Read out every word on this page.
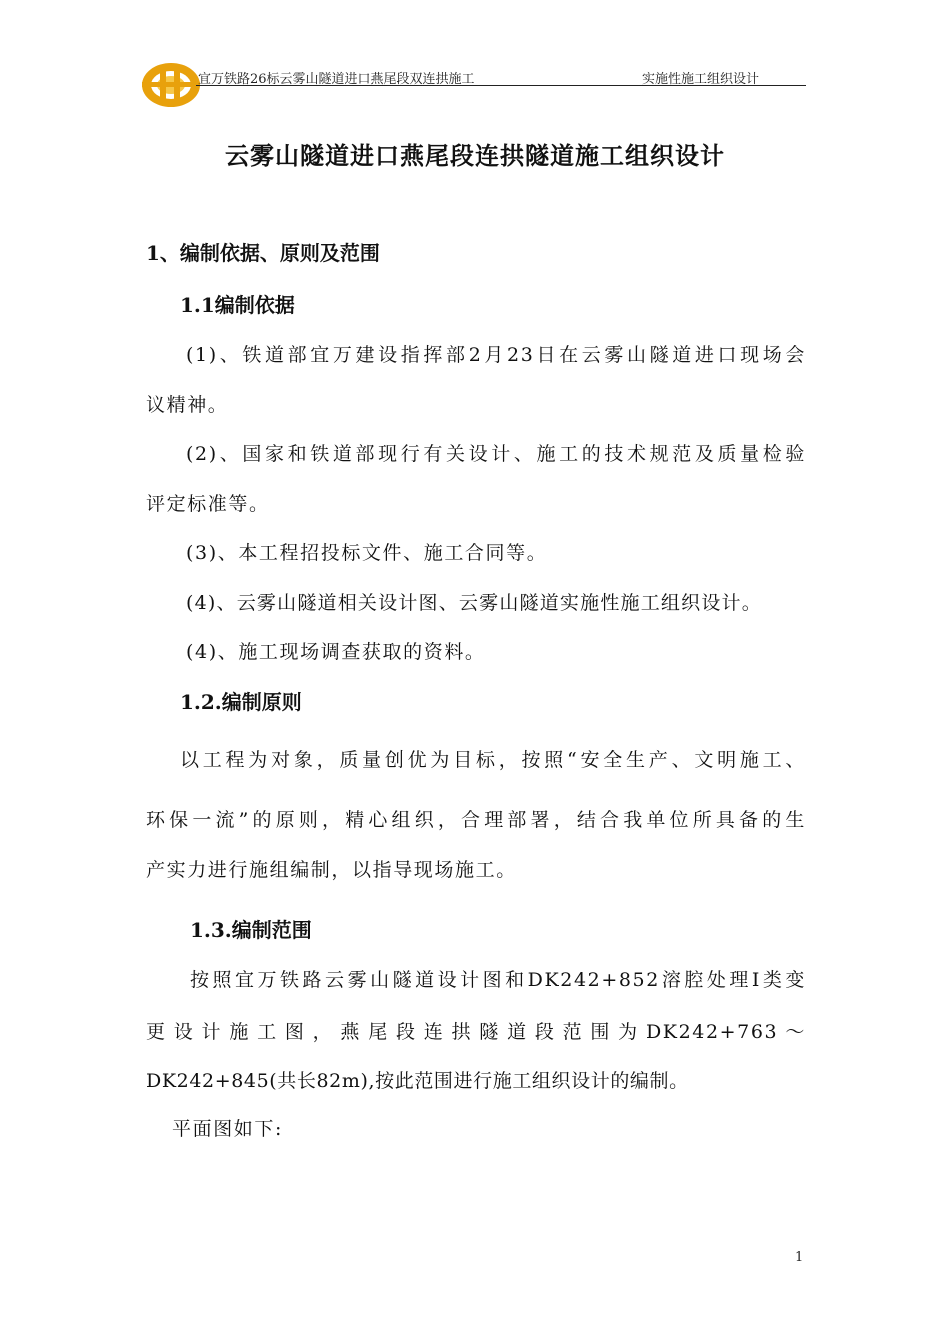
宜万铁路26标云雾山隧道进口燕尾段双连拱施工	实施性施工组织设计
云雾山隧道进口燕尾段连拱隧道施工组织设计
1、编制依据、原则及范围
1.1编制依据
(1)、铁道部宜万建设指挥部2月23日在云雾山隧道进口现场会
议精神。
(2)、国家和铁道部现行有关设计、施工的技术规范及质量检验
评定标准等。
(3)、本工程招投标文件、施工合同等。
(4)、云雾山隧道相关设计图、云雾山隧道实施性施工组织设计。
(4)、施工现场调查获取的资料。
1.2.编制原则
以工程为对象，质量创优为目标，按照“安全生产、文明施工、
环保一流”的原则，精心组织，合理部署，结合我单位所具备的生
产实力进行施组编制，以指导现场施工。
1.3.编制范围
按照宜万铁路云雾山隧道设计图和DK242+852溶腔处理Ⅰ类变
更设计施工图，燕尾段连拱隧道段范围为DK242+763～
DK242+845(共长82m),按此范围进行施工组织设计的编制。
平面图如下:
1
